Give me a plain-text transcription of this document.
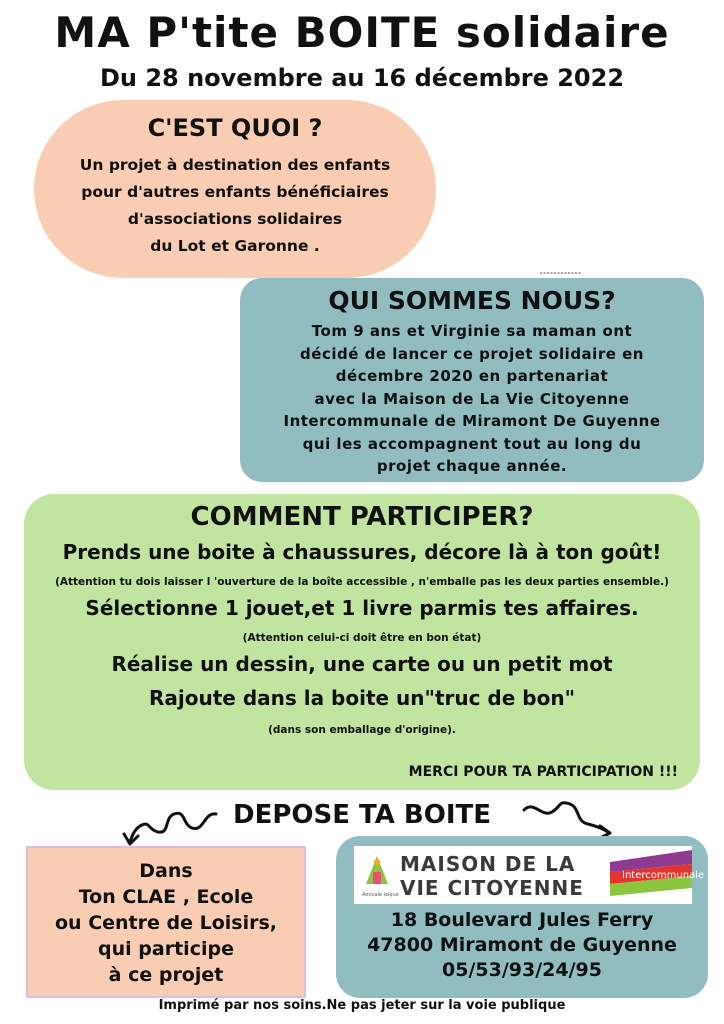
MA P'tite BOITE solidaire
Du 28 novembre au 16 décembre 2022
C'EST QUOI ?
Un projet à destination des enfants
pour d'autres enfants bénéficiaires
d'associations solidaires
du Lot et Garonne .
QUI SOMMES NOUS?
Tom 9 ans et Virginie sa maman ont
décidé de lancer ce projet solidaire en
décembre 2020 en partenariat
avec la Maison de La Vie Citoyenne
Intercommunale de Miramont De Guyenne
qui les accompagnent tout au long du
projet chaque année.
COMMENT PARTICIPER?
Prends une boite à chaussures, décore là à ton goût!
(Attention tu dois laisser l 'ouverture de la boîte accessible , n'emballe pas les deux parties ensemble.)
Sélectionne 1 jouet,et 1 livre parmis tes affaires.
(Attention celui-ci doit être en bon état)
Réalise un dessin, une carte ou un petit mot
Rajoute dans la boite un"truc de bon"
(dans son emballage d'origine).
MERCI POUR TA PARTICIPATION !!!
DEPOSE TA BOITE
Dans
Ton CLAE , Ecole
ou Centre de Loisirs,
qui participe
à ce projet
Amicale laïque
MAISON DE LA
VIE CITOYENNE
Intercommunale
18 Boulevard Jules Ferry
47800 Miramont de Guyenne
05/53/93/24/95
Imprimé par nos soins.Ne pas jeter sur la voie publique
